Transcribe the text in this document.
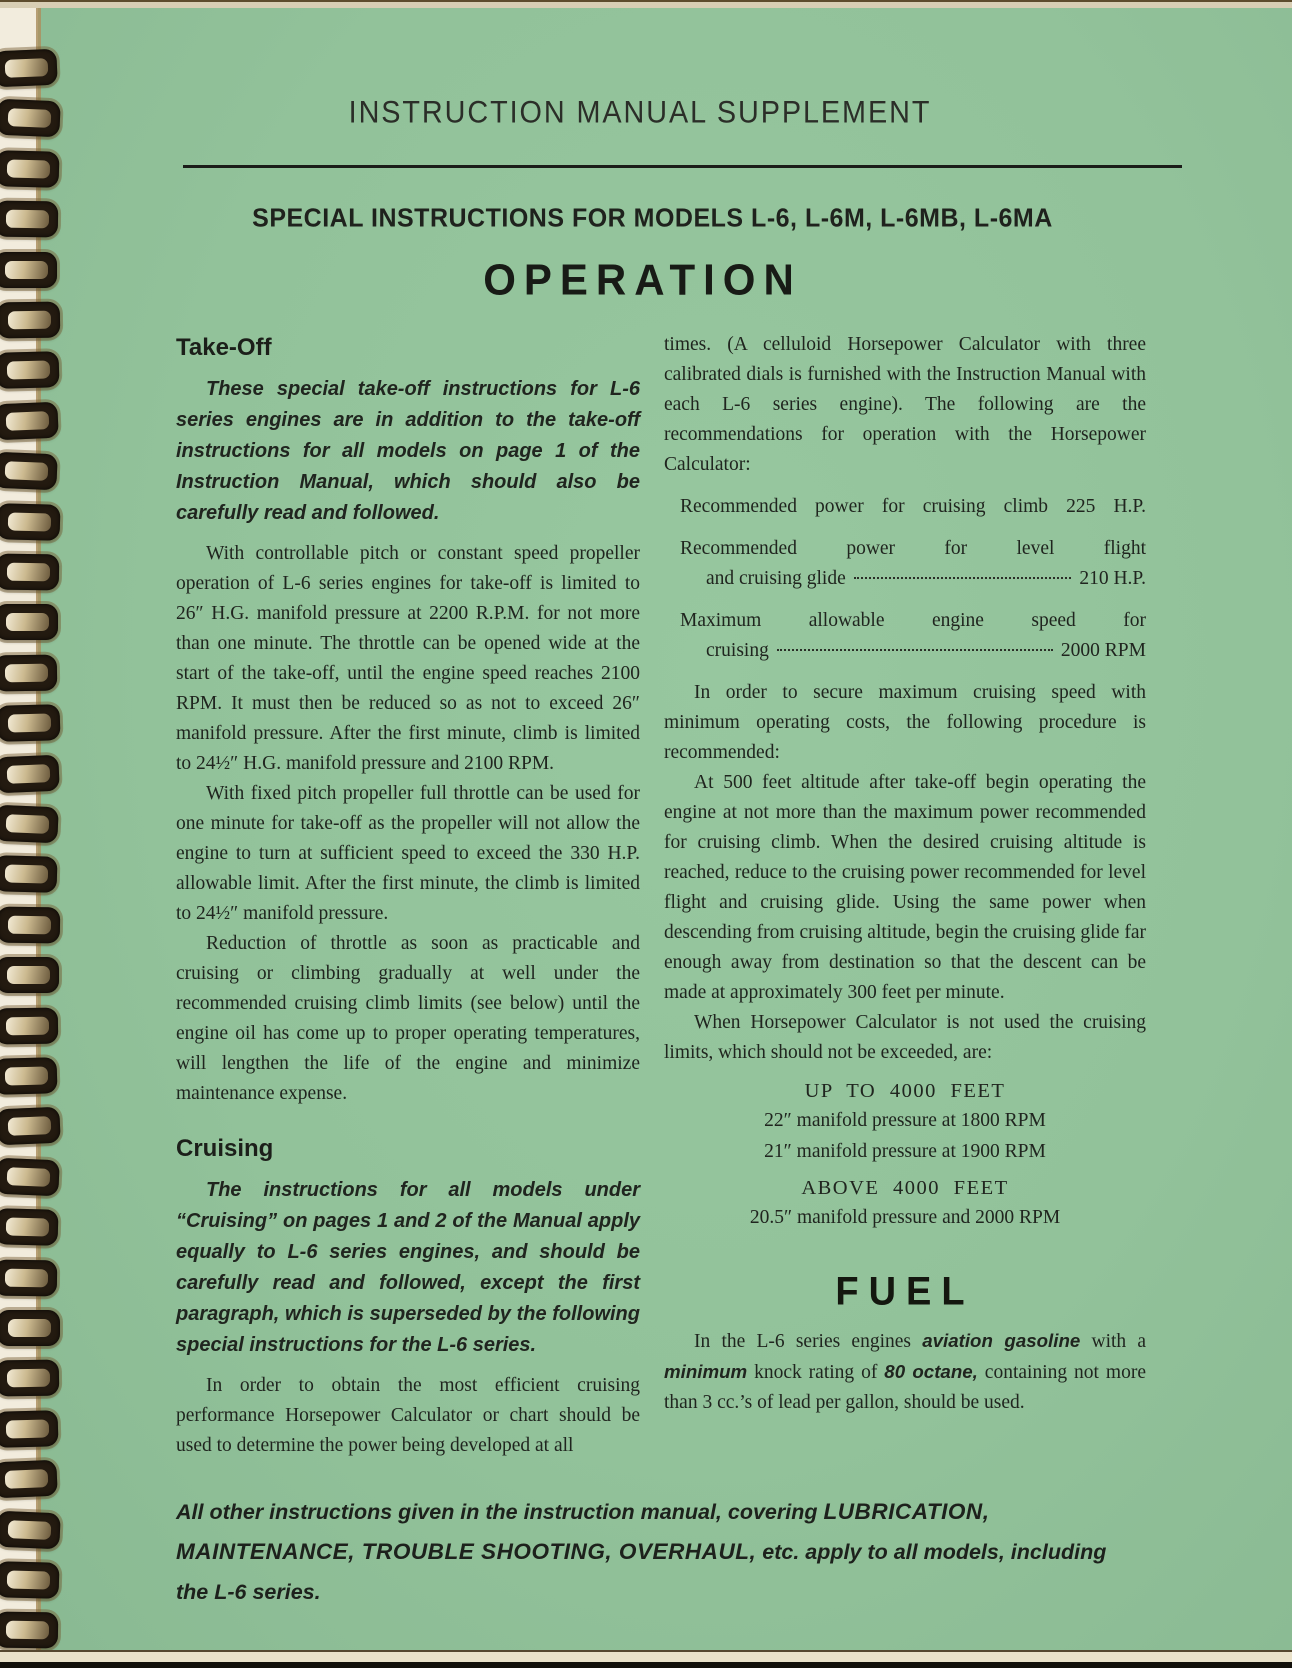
INSTRUCTION MANUAL SUPPLEMENT
SPECIAL INSTRUCTIONS FOR MODELS L-6, L-6M, L-6MB, L-6MA
OPERATION
Take-Off

These special take-off instructions for L-6 series engines are in addition to the take-off instructions for all models on page 1 of the Instruction Manual, which should also be carefully read and followed.

With controllable pitch or constant speed propeller operation of L-6 series engines for take-off is limited to 26″ H.G. manifold pressure at 2200 R.P.M. for not more than one minute. The throttle can be opened wide at the start of the take-off, until the engine speed reaches 2100 RPM. It must then be reduced so as not to exceed 26″ manifold pressure. After the first minute, climb is limited to 24½″ H.G. manifold pressure and 2100 RPM.

With fixed pitch propeller full throttle can be used for one minute for take-off as the propeller will not allow the engine to turn at sufficient speed to exceed the 330 H.P. allowable limit. After the first minute, the climb is limited to 24½″ manifold pressure.

Reduction of throttle as soon as practicable and cruising or climbing gradually at well under the recommended cruising climb limits (see below) until the engine oil has come up to proper operating temperatures, will lengthen the life of the engine and minimize maintenance expense.

Cruising

The instructions for all models under “Cruising” on pages 1 and 2 of the Manual apply equally to L-6 series engines, and should be carefully read and followed, except the first paragraph, which is superseded by the following special instructions for the L-6 series.

In order to obtain the most efficient cruising performance Horsepower Calculator or chart should be used to determine the power being developed at all

times. (A celluloid Horsepower Calculator with three calibrated dials is furnished with the Instruction Manual with each L-6 series engine). The following are the recommendations for operation with the Horsepower Calculator:

Recommended power for cruising climb 225 H.P.
Recommended power for level flight
and cruising glide	210 H.P.
Maximum allowable engine speed for
cruising	2000 RPM

In order to secure maximum cruising speed with minimum operating costs, the following procedure is recommended:

At 500 feet altitude after take-off begin operating the engine at not more than the maximum power recommended for cruising climb. When the desired cruising altitude is reached, reduce to the cruising power recommended for level flight and cruising glide. Using the same power when descending from cruising altitude, begin the cruising glide far enough away from destination so that the descent can be made at approximately 300 feet per minute.

When Horsepower Calculator is not used the cruising limits, which should not be exceeded, are:

UP TO 4000 FEET
22″ manifold pressure at 1800 RPM
21″ manifold pressure at 1900 RPM
ABOVE 4000 FEET
20.5″ manifold pressure and 2000 RPM
FUEL

In the L-6 series engines aviation gasoline with a minimum knock rating of 80 octane, containing not more than 3 cc.’s of lead per gallon, should be used.

All other instructions given in the instruction manual, covering LUBRICATION, MAINTENANCE, TROUBLE SHOOTING, OVERHAUL, etc. apply to all models, including the L-6 series.
